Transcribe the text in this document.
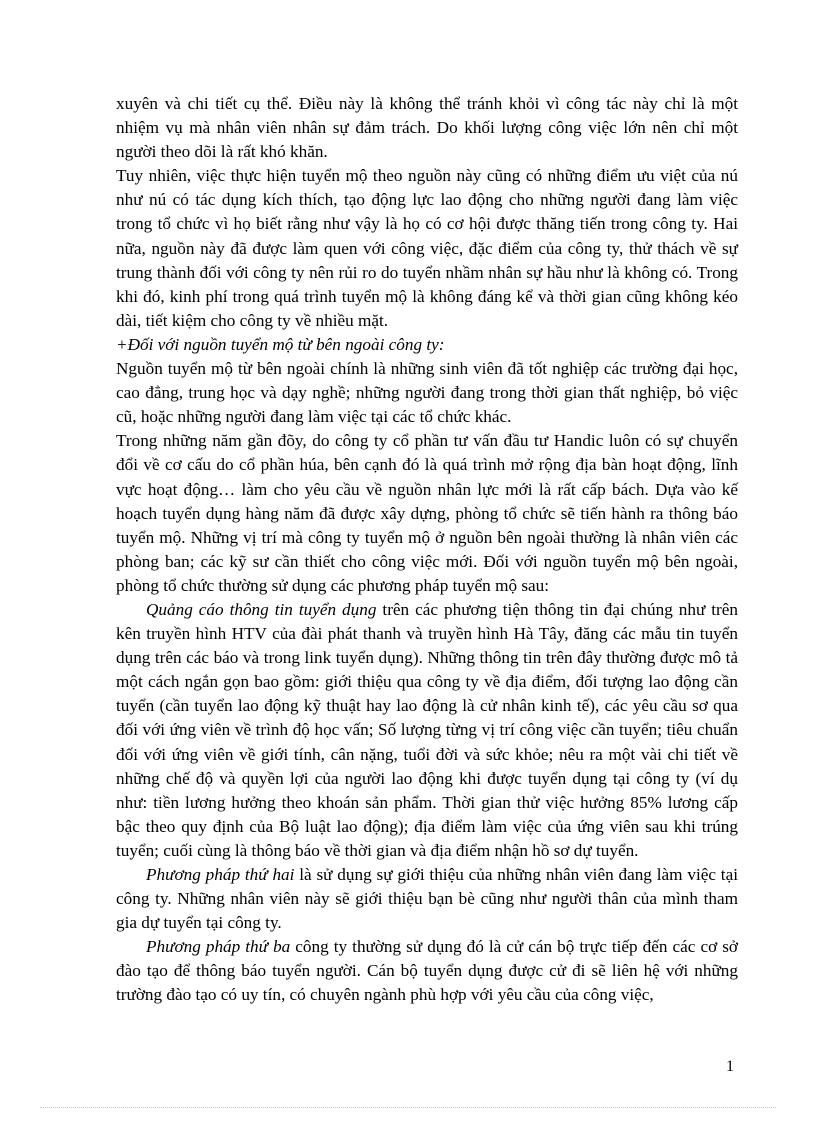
xuyên và chi tiết cụ thể. Điều này là không thể tránh khỏi vì công tác này chỉ là một nhiệm vụ mà nhân viên nhân sự đảm trách. Do khối lượng công việc lớn nên chỉ một người theo dõi là rất khó khăn.

Tuy nhiên, việc thực hiện tuyển mộ theo nguồn này cũng có những điểm ưu việt của nú như nú có tác dụng kích thích, tạo động lực lao động cho những người đang làm việc trong tổ chức vì họ biết rằng như vậy là họ có cơ hội được thăng tiến trong công ty. Hai nữa, nguồn này đã được làm quen với công việc, đặc điểm của công ty, thử thách về sự trung thành đối với công ty nên rủi ro do tuyển nhầm nhân sự hầu như là không có. Trong khi đó, kinh phí trong quá trình tuyển mộ là không đáng kể và thời gian cũng không kéo dài, tiết kiệm cho công ty về nhiều mặt.

+Đối với nguồn tuyển mộ từ bên ngoài công ty:

Nguồn tuyển mộ từ bên ngoài chính là những sinh viên đã tốt nghiệp các trường đại học, cao đẳng, trung học và dạy nghề; những người đang trong thời gian thất nghiệp, bỏ việc cũ, hoặc những người đang làm việc tại các tổ chức khác.

Trong những năm gần đõy, do công ty cổ phần tư vấn đầu tư Handic luôn có sự chuyển đổi về cơ cấu do cổ phần húa, bên cạnh đó là quá trình mở rộng địa bàn hoạt động, lĩnh vực hoạt động… làm cho yêu cầu về nguồn nhân lực mới là rất cấp bách. Dựa vào kế hoạch tuyển dụng hàng năm đã được xây dựng, phòng tổ chức sẽ tiến hành ra thông báo tuyển mộ. Những vị trí mà công ty tuyển mộ ở nguồn bên ngoài thường là nhân viên các phòng ban; các kỹ sư cần thiết cho công việc mới. Đối với nguồn tuyển mộ bên ngoài, phòng tổ chức thường sử dụng các phương pháp tuyển mộ sau:

Quảng cáo thông tin tuyển dụng trên các phương tiện thông tin đại chúng như trên kên truyền hình HTV của đài phát thanh và truyền hình Hà Tây, đăng các mẫu tin tuyển dụng trên các báo và trong link tuyển dụng). Những thông tin trên đây thường được mô tả một cách ngắn gọn bao gồm: giới thiệu qua công ty về địa điểm, đối tượng lao động cần tuyển (cần tuyển lao động kỹ thuật hay lao động là cử nhân kinh tế), các yêu cầu sơ qua đối với ứng viên về trình độ học vấn; Số lượng từng vị trí công việc cần tuyển; tiêu chuẩn đối với ứng viên về giới tính, cân nặng, tuổi đời và sức khỏe; nêu ra một vài chi tiết về những chế độ và quyền lợi của người lao động khi được tuyển dụng tại công ty (ví dụ như: tiền lương hưởng theo khoán sản phẩm. Thời gian thử việc hưởng 85% lương cấp bậc theo quy định của Bộ luật lao động); địa điểm làm việc của ứng viên sau khi trúng tuyển; cuối cùng là thông báo về thời gian và địa điểm nhận hồ sơ dự tuyển.

Phương pháp thứ hai là sử dụng sự giới thiệu của những nhân viên đang làm việc tại công ty. Những nhân viên này sẽ giới thiệu bạn bè cũng như người thân của mình tham gia dự tuyển tại công ty.

Phương pháp thứ ba công ty thường sử dụng đó là cử cán bộ trực tiếp đến các cơ sở đào tạo để thông báo tuyển người. Cán bộ tuyển dụng được cử đi sẽ liên hệ với những trường đào tạo có uy tín, có chuyên ngành phù hợp với yêu cầu của công việc,

1
